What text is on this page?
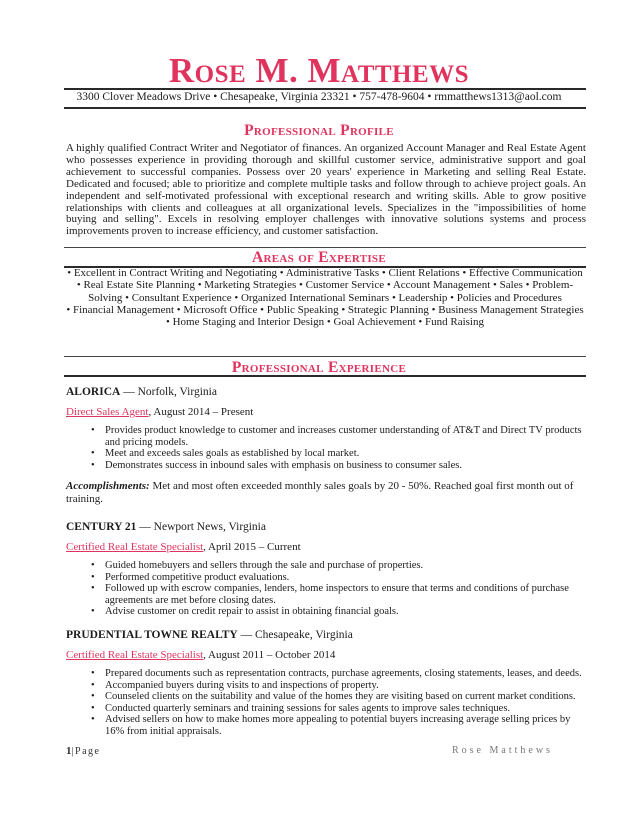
Rose M. Matthews
3300 Clover Meadows Drive • Chesapeake, Virginia 23321 • 757-478-9604 • rmmatthews1313@aol.com
Professional Profile
A highly qualified Contract Writer and Negotiator of finances. An organized Account Manager and Real Estate Agent who possesses experience in providing thorough and skillful customer service, administrative support and goal achievement to successful companies. Possess over 20 years' experience in Marketing and selling Real Estate. Dedicated and focused; able to prioritize and complete multiple tasks and follow through to achieve project goals. An independent and self-motivated professional with exceptional research and writing skills. Able to grow positive relationships with clients and colleagues at all organizational levels. Specializes in the "impossibilities of home buying and selling". Excels in resolving employer challenges with innovative solutions systems and process improvements proven to increase efficiency, and customer satisfaction.
Areas of Expertise
• Excellent in Contract Writing and Negotiating • Administrative Tasks • Client Relations • Effective Communication
• Real Estate Site Planning • Marketing Strategies • Customer Service • Account Management • Sales • Problem-
Solving • Consultant Experience • Organized International Seminars • Leadership • Policies and Procedures
• Financial Management • Microsoft Office • Public Speaking • Strategic Planning • Business Management Strategies
• Home Staging and Interior Design • Goal Achievement • Fund Raising
Professional Experience
ALORICA — Norfolk, Virginia
Direct Sales Agent, August 2014 – Present
• Provides product knowledge to customer and increases customer understanding of AT&T and Direct TV products and pricing models.
• Meet and exceeds sales goals as established by local market.
• Demonstrates success in inbound sales with emphasis on business to consumer sales.
Accomplishments: Met and most often exceeded monthly sales goals by 20 - 50%. Reached goal first month out of training.
CENTURY 21 — Newport News, Virginia
Certified Real Estate Specialist, April 2015 – Current
• Guided homebuyers and sellers through the sale and purchase of properties.
• Performed competitive product evaluations.
• Followed up with escrow companies, lenders, home inspectors to ensure that terms and conditions of purchase agreements are met before closing dates.
• Advise customer on credit repair to assist in obtaining financial goals.
PRUDENTIAL TOWNE REALTY — Chesapeake, Virginia
Certified Real Estate Specialist, August 2011 – October 2014
• Prepared documents such as representation contracts, purchase agreements, closing statements, leases, and deeds.
• Accompanied buyers during visits to and inspections of property.
• Counseled clients on the suitability and value of the homes they are visiting based on current market conditions.
• Conducted quarterly seminars and training sessions for sales agents to improve sales techniques.
• Advised sellers on how to make homes more appealing to potential buyers increasing average selling prices by 16% from initial appraisals.
1|Page	Rose Matthews
